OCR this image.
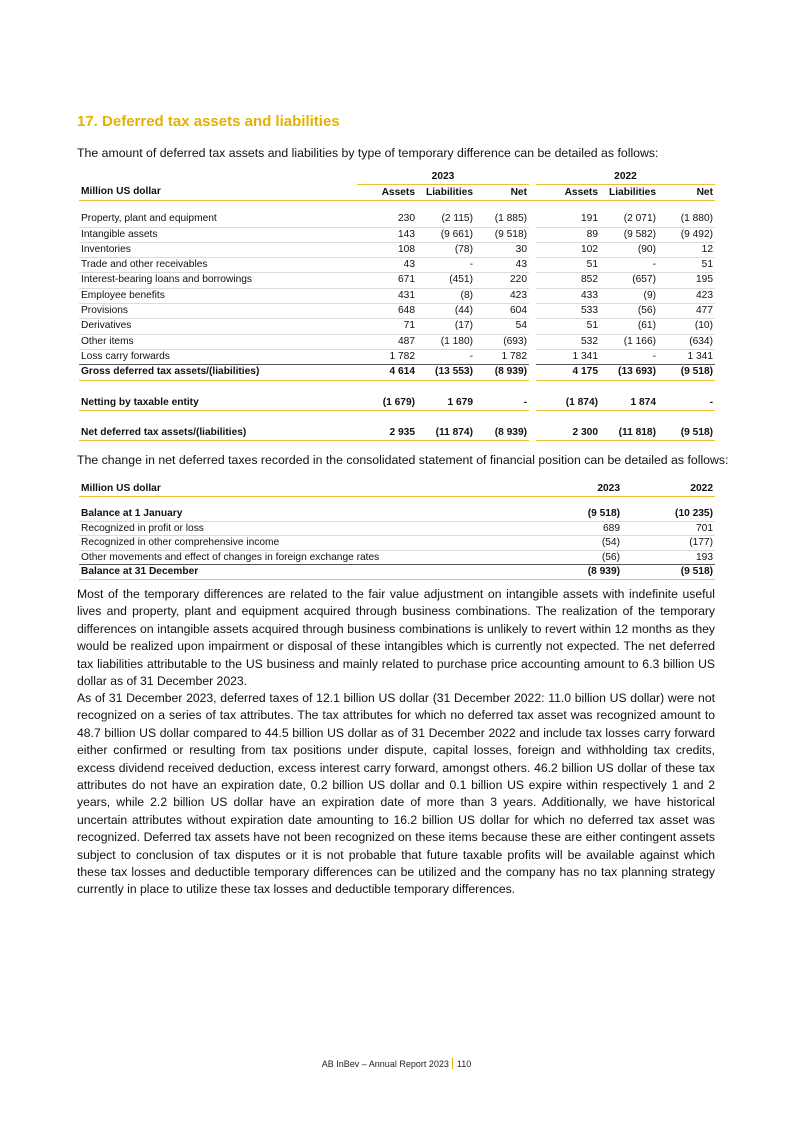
17. Deferred tax assets and liabilities

The amount of deferred tax assets and liabilities by type of temporary difference can be detailed as follows:

	2023				2022		
Million US dollar	Assets	Liabilities	Net		Assets	Liabilities	Net

Property, plant and equipment	230	(2 115)	(1 885)		191	(2 071)	(1 880)
Intangible assets	143	(9 661)	(9 518)		89	(9 582)	(9 492)
Inventories	108	(78)	30		102	(90)	12
Trade and other receivables	43	-	43		51	-	51
Interest-bearing loans and borrowings	671	(451)	220		852	(657)	195
Employee benefits	431	(8)	423		433	(9)	423
Provisions	648	(44)	604		533	(56)	477
Derivatives	71	(17)	54		51	(61)	(10)
Other items	487	(1 180)	(693)		532	(1 166)	(634)
Loss carry forwards	1 782	-	1 782		1 341	-	1 341
Gross deferred tax assets/(liabilities)	4 614	(13 553)	(8 939)		4 175	(13 693)	(9 518)

Netting by taxable entity	(1 679)	1 679	-		(1 874)	1 874	-

Net deferred tax assets/(liabilities)	2 935	(11 874)	(8 939)		2 300	(11 818)	(9 518)

The change in net deferred taxes recorded in the consolidated statement of financial position can be detailed as follows:

Million US dollar	2023	2022

Balance at 1 January	(9 518)	(10 235)
Recognized in profit or loss	689	701
Recognized in other comprehensive income	(54)	(177)
Other movements and effect of changes in foreign exchange rates	(56)	193
Balance at 31 December	(8 939)	(9 518)

Most of the temporary differences are related to the fair value adjustment on intangible assets with indefinite useful lives and property, plant and equipment acquired through business combinations. The realization of the temporary differences on intangible assets acquired through business combinations is unlikely to revert within 12 months as they would be realized upon impairment or disposal of these intangibles which is currently not expected. The net deferred tax liabilities attributable to the US business and mainly related to purchase price accounting amount to 6.3 billion US dollar as of 31 December 2023.

As of 31 December 2023, deferred taxes of 12.1 billion US dollar (31 December 2022: 11.0 billion US dollar) were not recognized on a series of tax attributes. The tax attributes for which no deferred tax asset was recognized amount to 48.7 billion US dollar compared to 44.5 billion US dollar as of 31 December 2022 and include tax losses carry forward either confirmed or resulting from tax positions under dispute, capital losses, foreign and withholding tax credits, excess dividend received deduction, excess interest carry forward, amongst others. 46.2 billion US dollar of these tax attributes do not have an expiration date, 0.2 billion US dollar and 0.1 billion US expire within respectively 1 and 2 years, while 2.2 billion US dollar have an expiration date of more than 3 years. Additionally, we have historical uncertain attributes without expiration date amounting to 16.2 billion US dollar for which no deferred tax asset was recognized. Deferred tax assets have not been recognized on these items because these are either contingent assets subject to conclusion of tax disputes or it is not probable that future taxable profits will be available against which these tax losses and deductible temporary differences can be utilized and the company has no tax planning strategy currently in place to utilize these tax losses and deductible temporary differences.

AB InBev – Annual Report 2023 110
